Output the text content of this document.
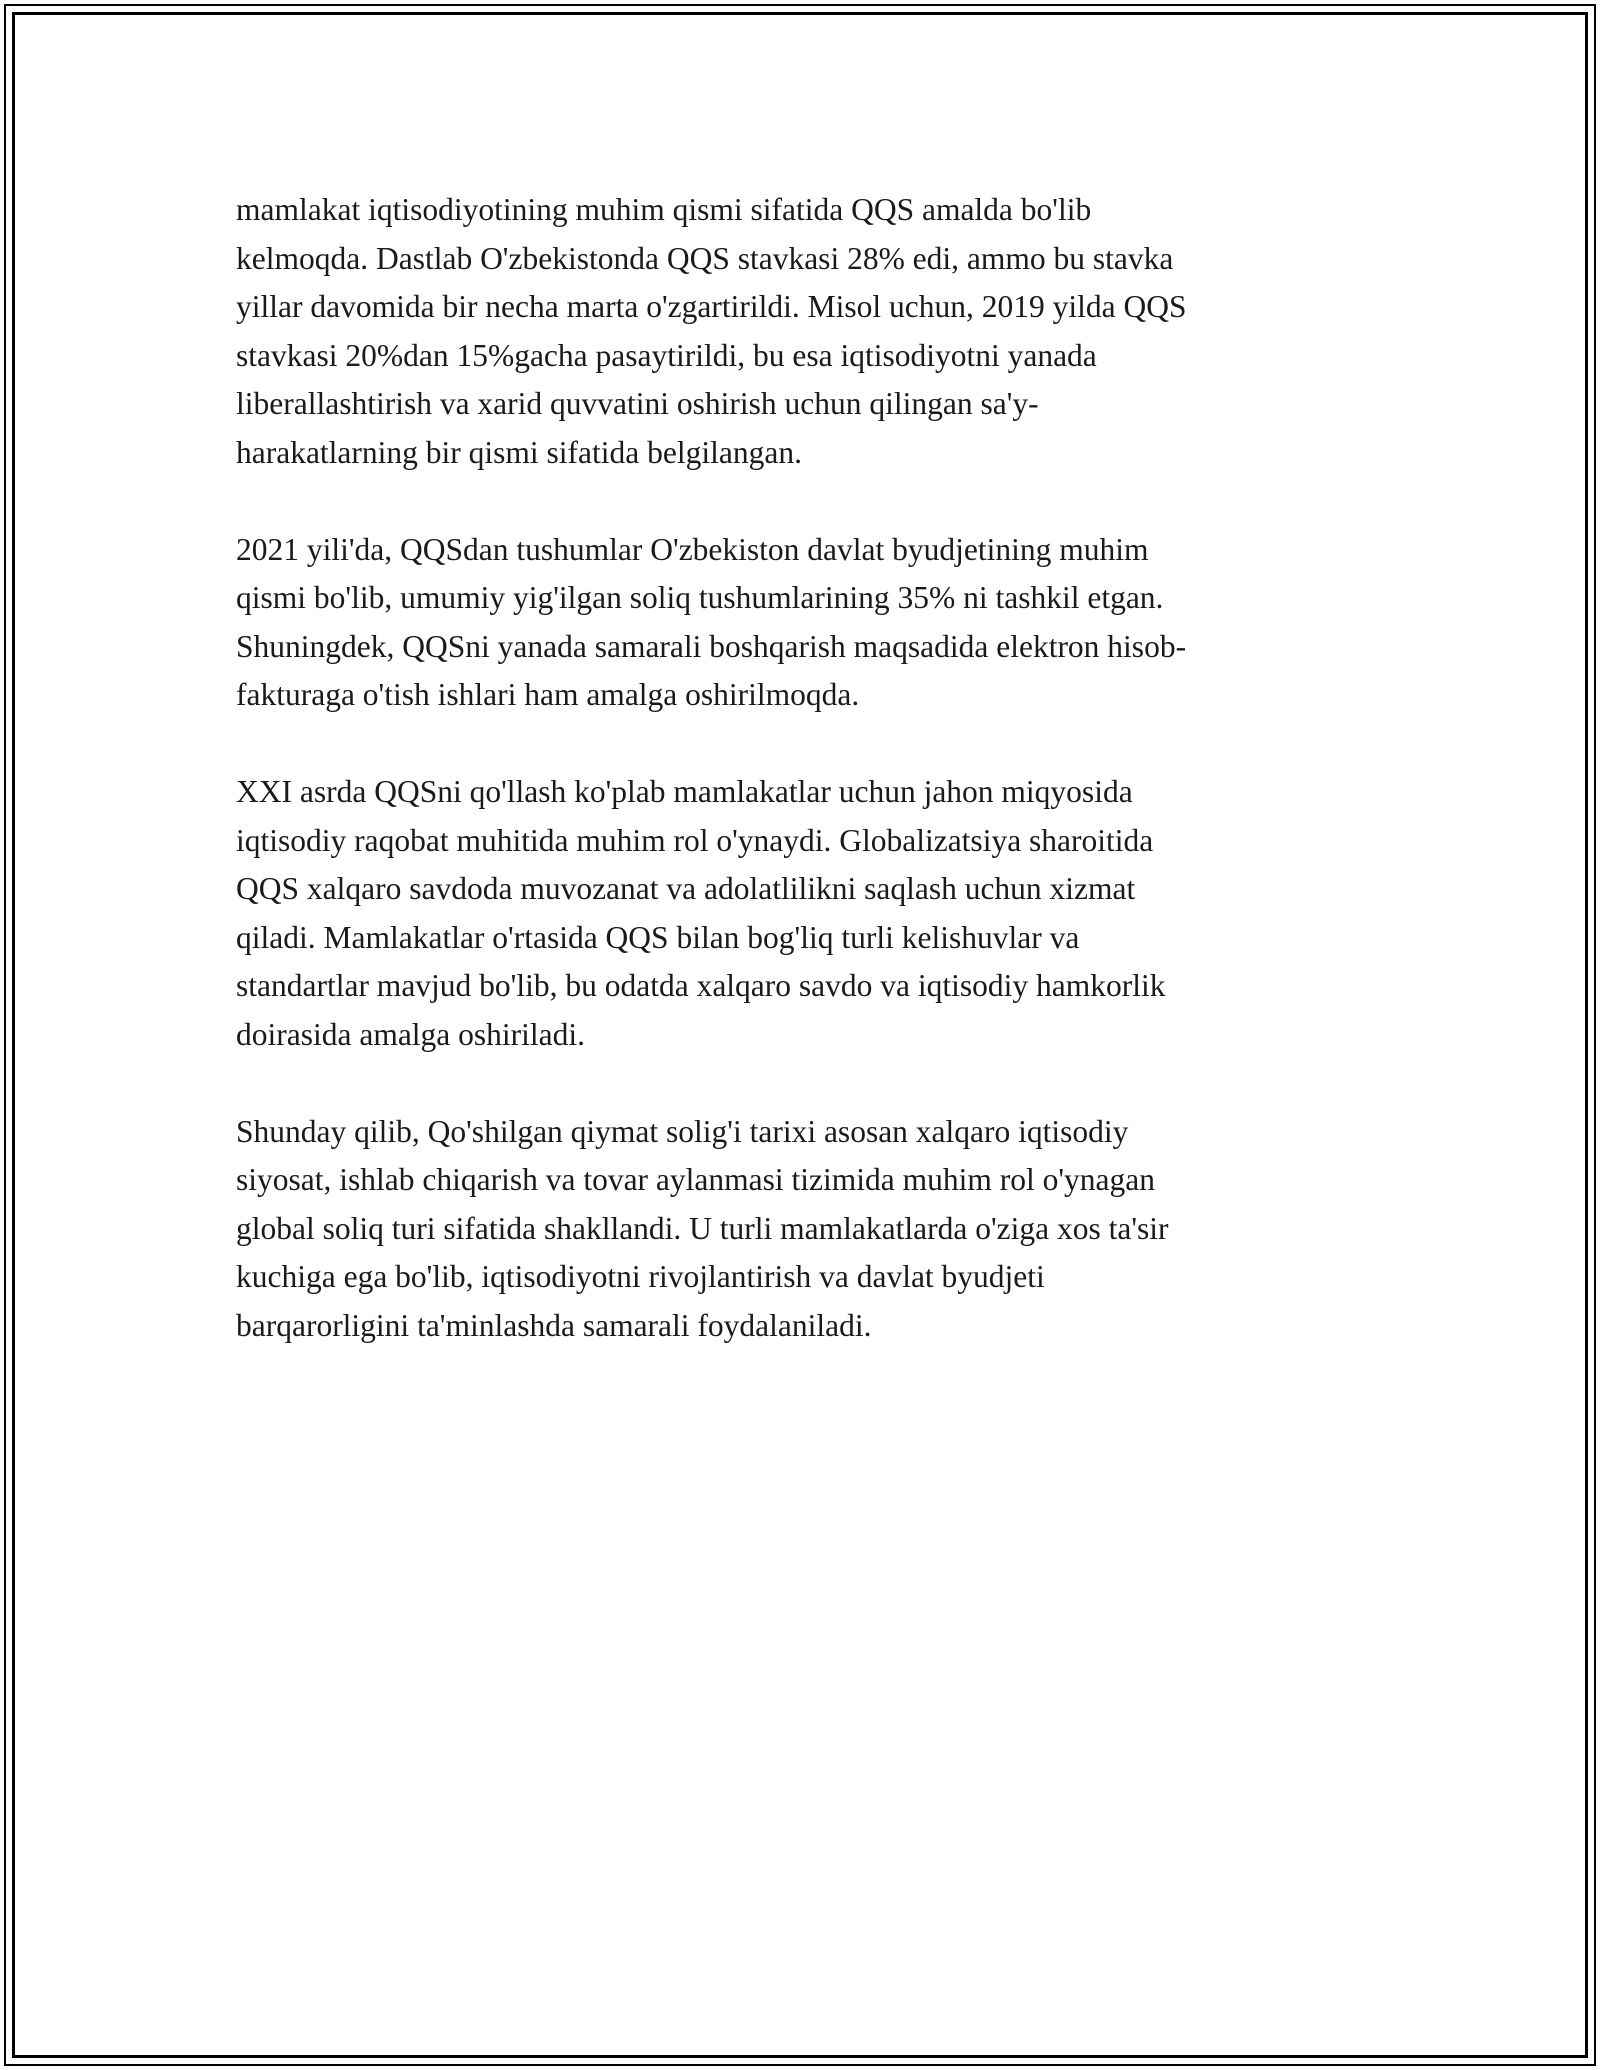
mamlakat iqtisodiyotining muhim qismi sifatida QQS amalda bo'lib
kelmoqda. Dastlab O'zbekistonda QQS stavkasi 28% edi, ammo bu stavka
yillar davomida bir necha marta o'zgartirildi. Misol uchun, 2019 yilda QQS
stavkasi 20%dan 15%gacha pasaytirildi, bu esa iqtisodiyotni yanada
liberallashtirish va xarid quvvatini oshirish uchun qilingan sa'y-
harakatlarning bir qismi sifatida belgilangan.

2021 yili'da, QQSdan tushumlar O'zbekiston davlat byudjetining muhim
qismi bo'lib, umumiy yig'ilgan soliq tushumlarining 35% ni tashkil etgan.
Shuningdek, QQSni yanada samarali boshqarish maqsadida elektron hisob-
fakturaga o'tish ishlari ham amalga oshirilmoqda.

XXI asrda QQSni qo'llash ko'plab mamlakatlar uchun jahon miqyosida
iqtisodiy raqobat muhitida muhim rol o'ynaydi. Globalizatsiya sharoitida
QQS xalqaro savdoda muvozanat va adolatlilikni saqlash uchun xizmat
qiladi. Mamlakatlar o'rtasida QQS bilan bog'liq turli kelishuvlar va
standartlar mavjud bo'lib, bu odatda xalqaro savdo va iqtisodiy hamkorlik
doirasida amalga oshiriladi.

Shunday qilib, Qo'shilgan qiymat solig'i tarixi asosan xalqaro iqtisodiy
siyosat, ishlab chiqarish va tovar aylanmasi tizimida muhim rol o'ynagan
global soliq turi sifatida shakllandi. U turli mamlakatlarda o'ziga xos ta'sir
kuchiga ega bo'lib, iqtisodiyotni rivojlantirish va davlat byudjeti
barqarorligini ta'minlashda samarali foydalaniladi.
